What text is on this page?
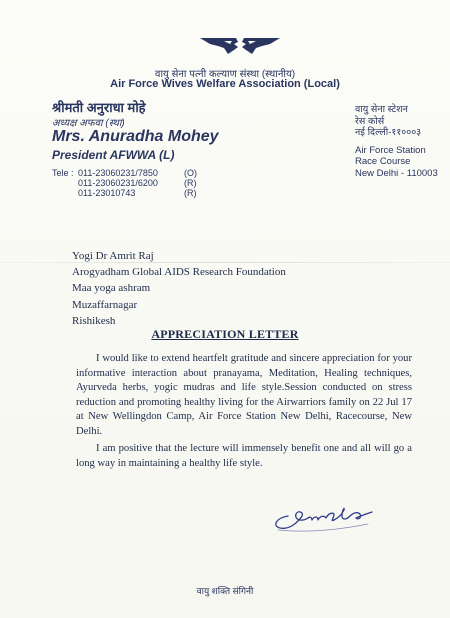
वायु सेना पत्नी कल्याण संस्था (स्थानीय)
Air Force Wives Welfare Association (Local)
श्रीमती अनुराधा मोहे
अध्यक्ष अफवा (स्था)
Mrs. Anuradha Mohey
President AFWWA (L)
Tele : 011-23060231/7850	(O)
011-23060231/6200	(R)
011-23010743	(R)
वायु सेना स्टेशन
रेस कोर्स
नई दिल्ली-११०००३
Air Force Station
Race Course
New Delhi - 110003
Yogi Dr Amrit Raj
Arogyadham Global AIDS Research Foundation
Maa yoga ashram
Muzaffarnagar
Rishikesh
APPRECIATION LETTER

I would like to extend heartfelt gratitude and sincere appreciation for your informative interaction about pranayama, Meditation, Healing techniques, Ayurveda herbs, yogic mudras and life style.Session conducted on stress reduction and promoting healthy living for the Airwarriors family on 22 Jul 17 at New Wellingdon Camp, Air Force Station New Delhi, Racecourse, New Delhi.

I am positive that the lecture will immensely benefit one and all will go a long way in maintaining a healthy life style.

वायु शक्ति संगिनी
